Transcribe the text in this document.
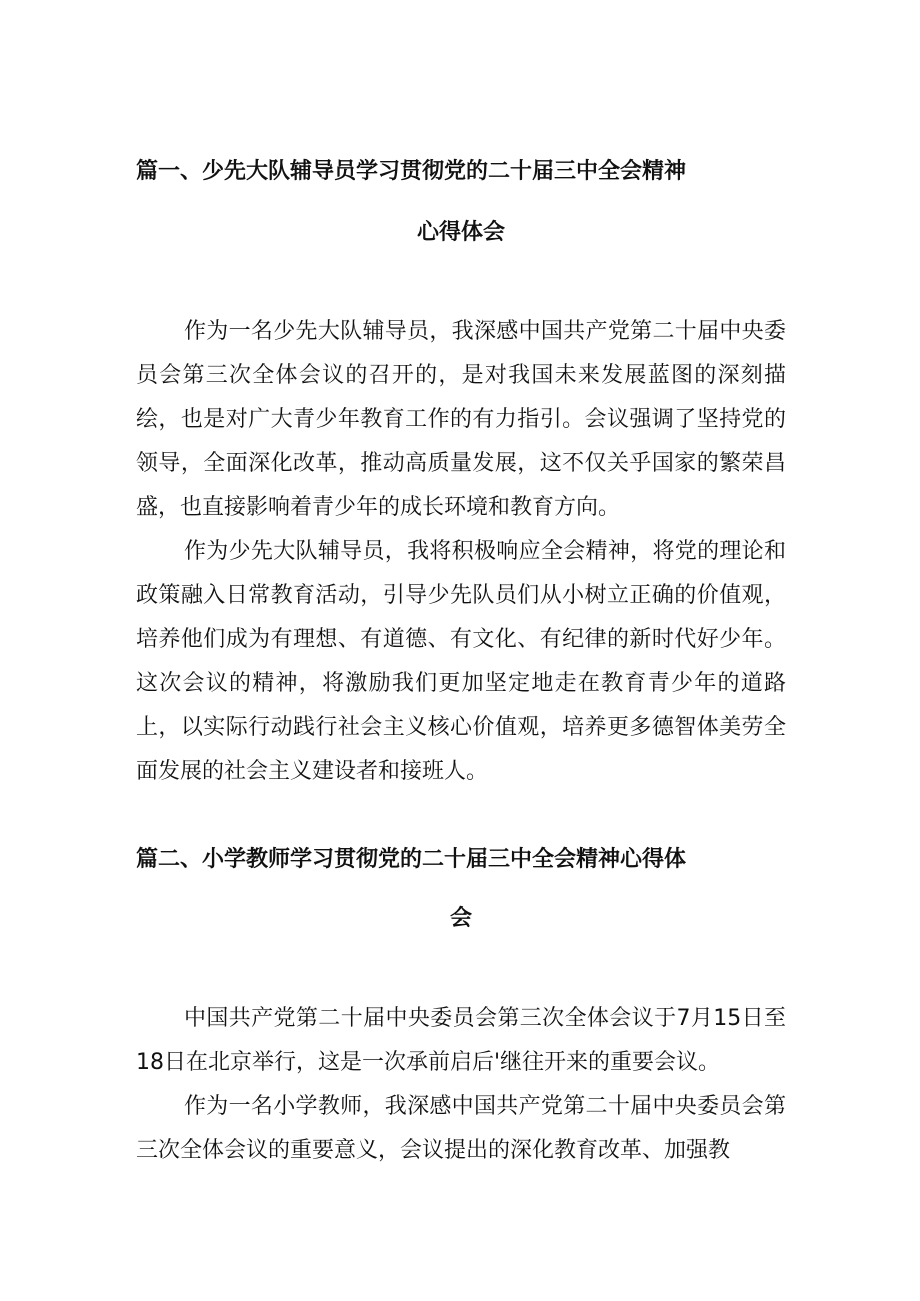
篇一、少先大队辅导员学习贯彻党的二十届三中全会精神
心得体会
作为一名少先大队辅导员，我深感中国共产党第二十届中央委员会第三次全体会议的召开的，是对我国未来发展蓝图的深刻描绘，也是对广大青少年教育工作的有力指引。会议强调了坚持党的领导，全面深化改革，推动高质量发展，这不仅关乎国家的繁荣昌盛，也直接影响着青少年的成长环境和教育方向。
作为少先大队辅导员，我将积极响应全会精神，将党的理论和政策融入日常教育活动，引导少先队员们从小树立正确的价值观，培养他们成为有理想、有道德、有文化、有纪律的新时代好少年。这次会议的精神，将激励我们更加坚定地走在教育青少年的道路上，以实际行动践行社会主义核心价值观，培养更多德智体美劳全面发展的社会主义建设者和接班人。
篇二、小学教师学习贯彻党的二十届三中全会精神心得体
会
中国共产党第二十届中央委员会第三次全体会议于7月15日至18日在北京举行，这是一次承前启后'继往开来的重要会议。
作为一名小学教师，我深感中国共产党第二十届中央委员会第三次全体会议的重要意义，会议提出的深化教育改革、加强教
